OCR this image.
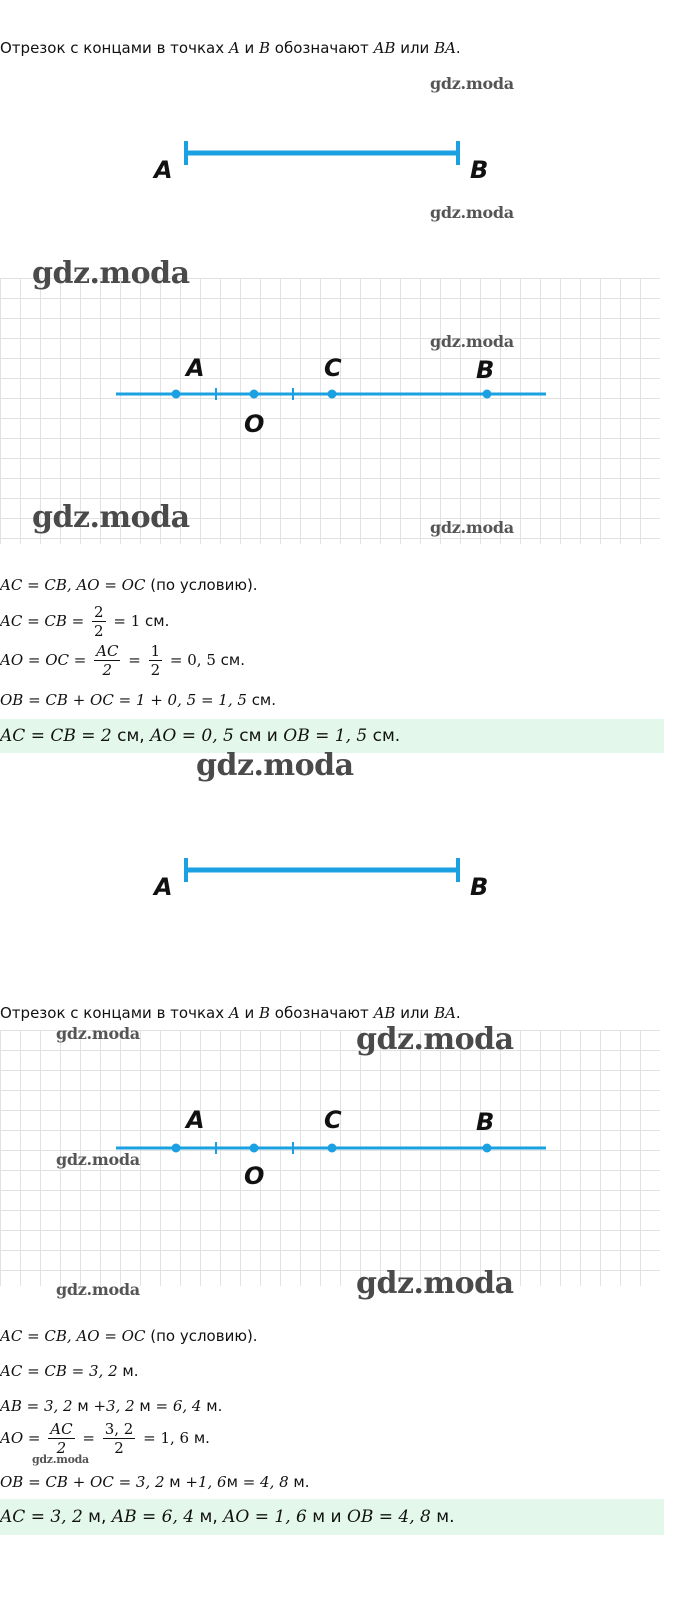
Отрезок с концами в точках A и B обозначают AB или BA.
gdz.moda
A	B
gdz.moda
gdz.moda
gdz.moda
A	C	B
O
gdz.moda	gdz.moda
AC = CB, AO = OC (по условию).
AC = CB = $\frac{2}{2} = 1$ см.
AO = OC = $\frac{AC}{2} = \frac{1}{2} = 0$, 5 см.
OB = CB + OC = 1 + 0, 5 = 1, 5 см.
AC = CB = 2 см, AO = 0, 5 см и OB = 1, 5 см.
gdz.moda
A	B
Отрезок с концами в точках A и B обозначают AB или BA.
gdz.moda	gdz.moda
A	C	B
gdz.moda
O
gdz.moda	gdz.moda
AC = CB, AO = OC (по условию).
AC = CB = 3, 2 м.
AB = 3, 2 м +3, 2 м = 6, 4 м.
AO = $\frac{AC}{2} = \frac{3, 2}{2} = 1$, 6 м.
gdz.moda
OB = CB + OC = 3, 2 м +1, 6м = 4, 8 м.
AC = 3, 2 м, AB = 6, 4 м, AO = 1, 6 м и OB = 4, 8 м.
